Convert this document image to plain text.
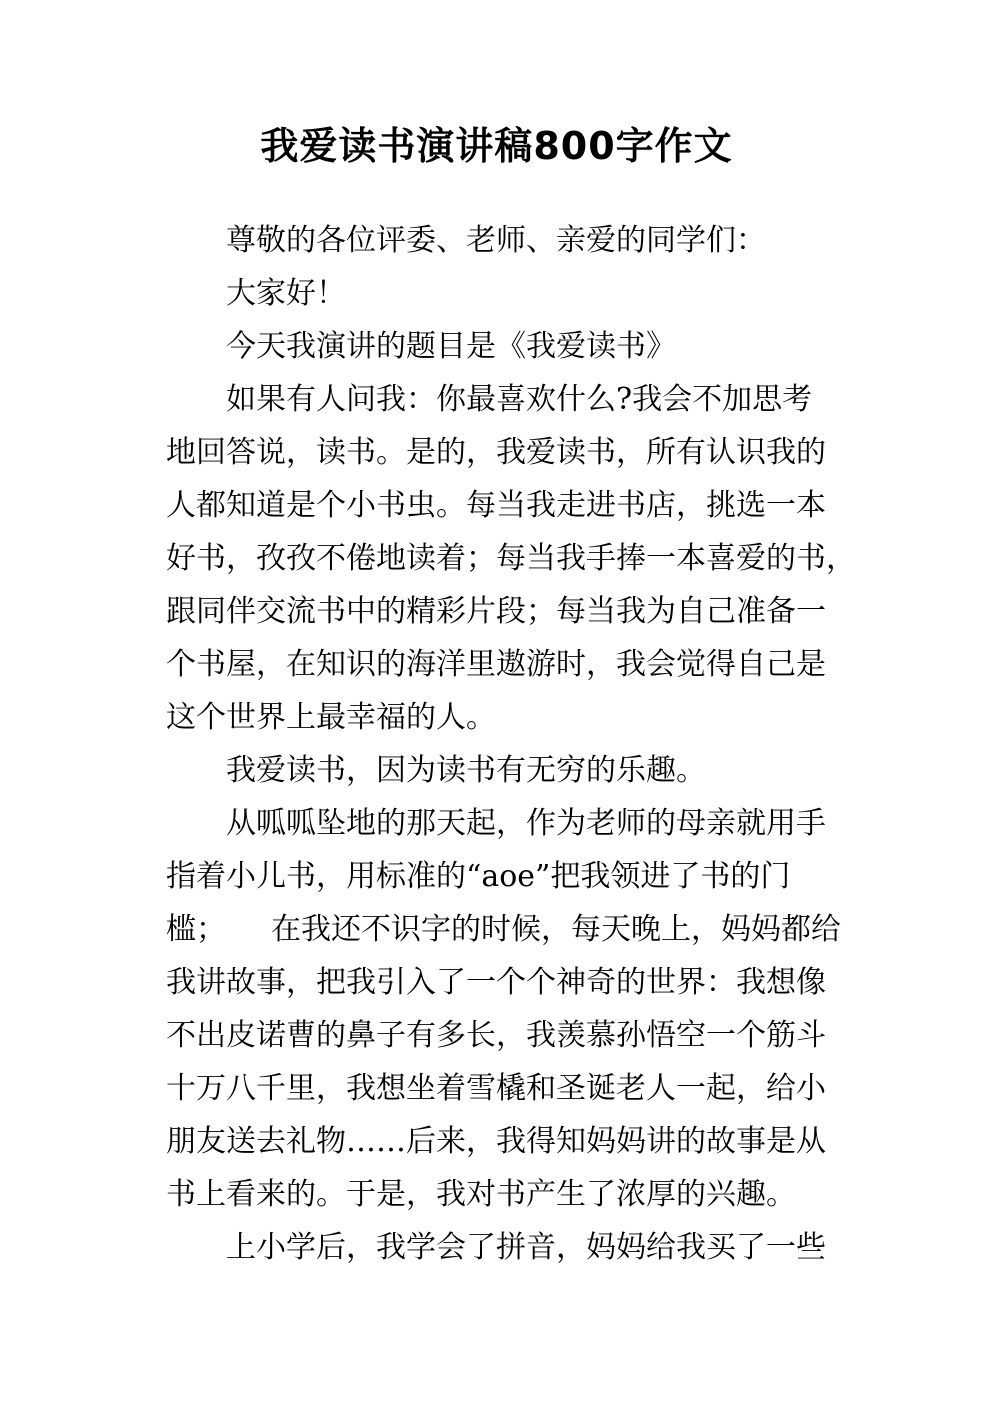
我爱读书演讲稿800字作文

尊敬的各位评委、老师、亲爱的同学们：

大家好！

今天我演讲的题目是《我爱读书》

如果有人问我：你最喜欢什么?我会不加思考
地回答说，读书。是的，我爱读书，所有认识我的
人都知道是个小书虫。每当我走进书店，挑选一本
好书，孜孜不倦地读着；每当我手捧一本喜爱的书，
跟同伴交流书中的精彩片段；每当我为自己准备一
个书屋，在知识的海洋里遨游时，我会觉得自己是
这个世界上最幸福的人。

我爱读书，因为读书有无穷的乐趣。

从呱呱坠地的那天起，作为老师的母亲就用手
指着小儿书，用标准的“aoe”把我领进了书的门
槛；　　在我还不识字的时候，每天晚上，妈妈都给
我讲故事，把我引入了一个个神奇的世界：我想像
不出皮诺曹的鼻子有多长，我羡慕孙悟空一个筋斗
十万八千里，我想坐着雪橇和圣诞老人一起，给小
朋友送去礼物……后来，我得知妈妈讲的故事是从
书上看来的。于是，我对书产生了浓厚的兴趣。

上小学后，我学会了拼音，妈妈给我买了一些
